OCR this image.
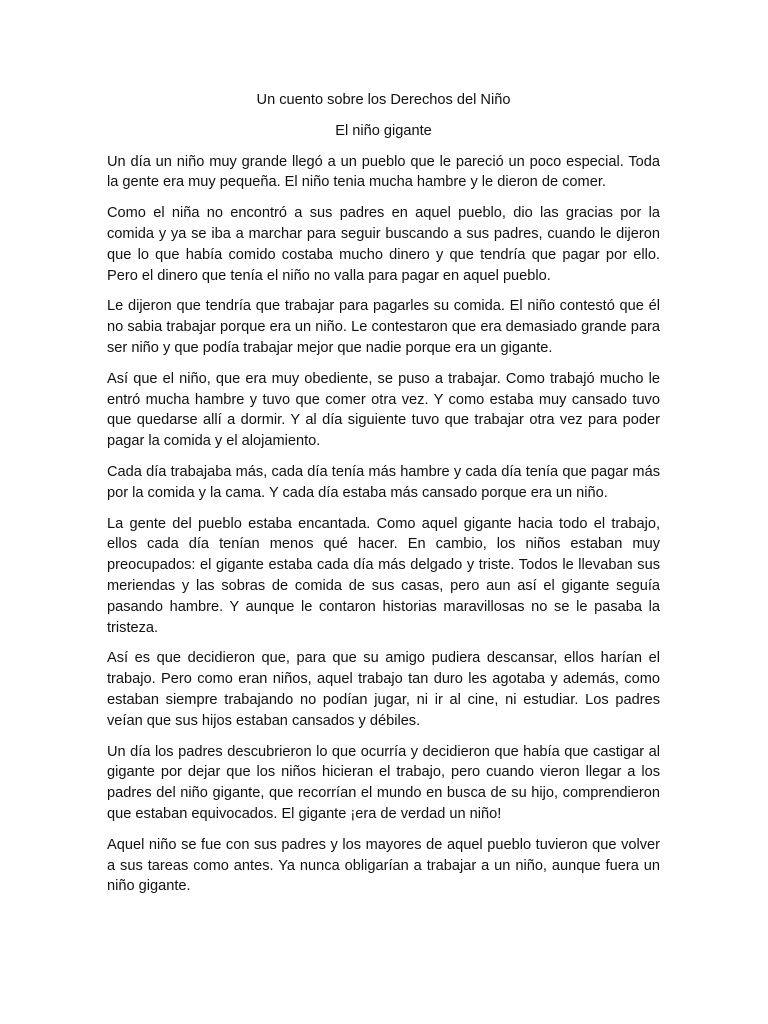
Un cuento sobre los Derechos del Niño
El niño gigante

Un día un niño muy grande llegó a un pueblo que le pareció un poco especial. Toda la gente era muy pequeña. El niño tenia mucha hambre y le dieron de comer.

Como el niña no encontró a sus padres en aquel pueblo, dio las gracias por la comida y ya se iba a marchar para seguir buscando a sus padres, cuando le dijeron que lo que había comido costaba mucho dinero y que tendría que pagar por ello. Pero el dinero que tenía el niño no valla para pagar en aquel pueblo.

Le dijeron que tendría que trabajar para pagarles su comida. El niño contestó que él no sabia trabajar porque era un niño. Le contestaron que era demasiado grande para ser niño y que podía trabajar mejor que nadie porque era un gigante.

Así que el niño, que era muy obediente, se puso a trabajar. Como trabajó mucho le entró mucha hambre y tuvo que comer otra vez. Y como estaba muy cansado tuvo que quedarse allí a dormir. Y al día siguiente tuvo que trabajar otra vez para poder pagar la comida y el alojamiento.

Cada día trabajaba más, cada día tenía más hambre y cada día tenía que pagar más por la comida y la cama. Y cada día estaba más cansado porque era un niño.

La gente del pueblo estaba encantada. Como aquel gigante hacia todo el trabajo, ellos cada día tenían menos qué hacer. En cambio, los niños estaban muy preocupados: el gigante estaba cada día más delgado y triste. Todos le llevaban sus meriendas y las sobras de comida de sus casas, pero aun así el gigante seguía pasando hambre. Y aunque le contaron historias maravillosas no se le pasaba la tristeza.

Así es que decidieron que, para que su amigo pudiera descansar, ellos harían el trabajo. Pero como eran niños, aquel trabajo tan duro les agotaba y además, como estaban siempre trabajando no podían jugar, ni ir al cine, ni estudiar. Los padres veían que sus hijos estaban cansados y débiles.

Un día los padres descubrieron lo que ocurría y decidieron que había que castigar al gigante por dejar que los niños hicieran el trabajo, pero cuando vieron llegar a los padres del niño gigante, que recorrían el mundo en busca de su hijo, comprendieron que estaban equivocados. El gigante ¡era de verdad un niño!

Aquel niño se fue con sus padres y los mayores de aquel pueblo tuvieron que volver a sus tareas como antes. Ya nunca obligarían a trabajar a un niño, aunque fuera un niño gigante.
